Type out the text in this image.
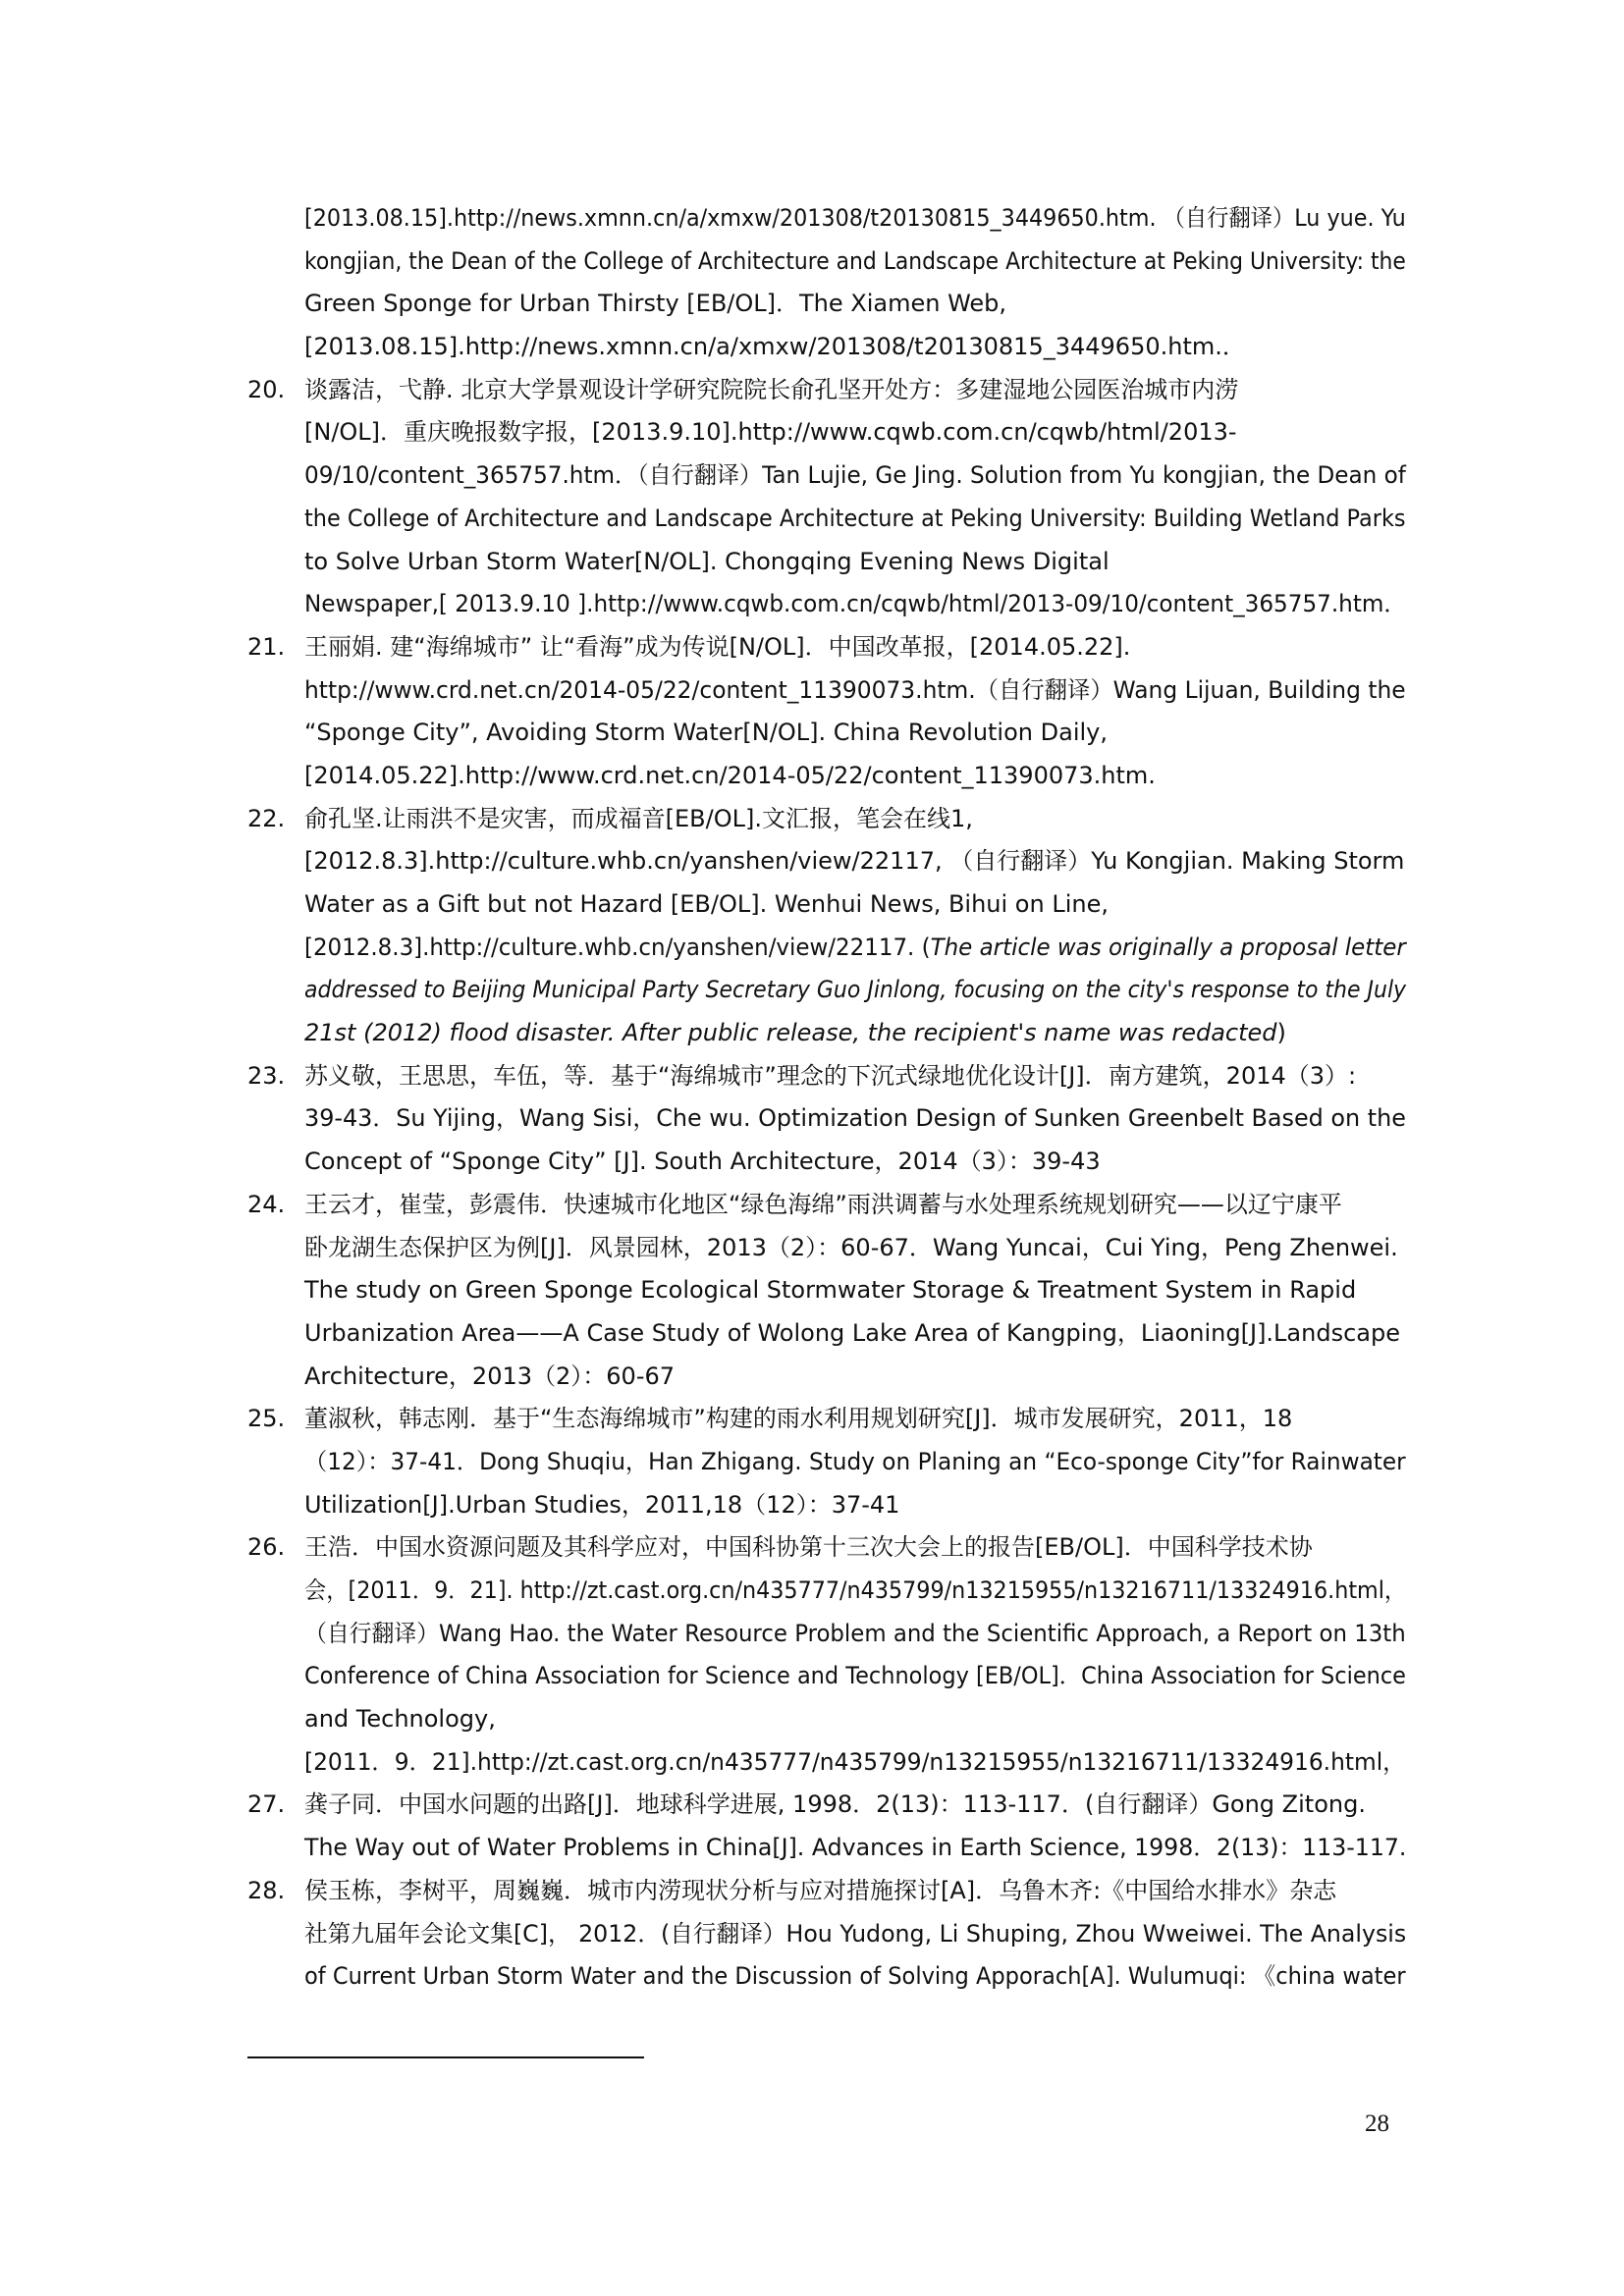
[2013.08.15].http://news.xmnn.cn/a/xmxw/201308/t20130815_3449650.htm. （自行翻译）Lu yue. Yu
kongjian, the Dean of the College of Architecture and Landscape Architecture at Peking University: the
Green Sponge for Urban Thirsty [EB/OL]．The Xiamen Web,
[2013.08.15].http://news.xmnn.cn/a/xmxw/201308/t20130815_3449650.htm.．
20. 谈露洁，弋静. 北京大学景观设计学研究院院长俞孔坚开处方：多建湿地公园医治城市内涝
[N/OL]．重庆晚报数字报，[2013.9.10].http://www.cqwb.com.cn/cqwb/html/2013-
09/10/content_365757.htm．（自行翻译）Tan Lujie, Ge Jing. Solution from Yu kongjian, the Dean of
the College of Architecture and Landscape Architecture at Peking University: Building Wetland Parks
to Solve Urban Storm Water[N/OL]. Chongqing Evening News Digital
Newspaper,[ 2013.9.10 ].http://www.cqwb.com.cn/cqwb/html/2013-09/10/content_365757.htm．
21. 王丽娟. 建“海绵城市” 让“看海”成为传说[N/OL]．中国改革报，[2014.05.22].
http://www.crd.net.cn/2014-05/22/content_11390073.htm.（自行翻译）Wang Lijuan, Building the
“Sponge City”, Avoiding Storm Water[N/OL]. China Revolution Daily,
[2014.05.22].http://www.crd.net.cn/2014-05/22/content_11390073.htm.
22. 俞孔坚.让雨洪不是灾害，而成福音[EB/OL].文汇报，笔会在线1,
[2012.8.3].http://culture.whb.cn/yanshen/view/22117, （自行翻译）Yu Kongjian. Making Storm
Water as a Gift but not Hazard [EB/OL]. Wenhui News, Bihui on Line,
[2012.8.3].http://culture.whb.cn/yanshen/view/22117. (The article was originally a proposal letter
addressed to Beijing Municipal Party Secretary Guo Jinlong, focusing on the city's response to the July
21st (2012) flood disaster. After public release, the recipient's name was redacted)
23. 苏义敬，王思思，车伍，等．基于“海绵城市”理念的下沉式绿地优化设计[J]．南方建筑，2014（3）:
39-43．Su Yijing，Wang Sisi，Che wu. Optimization Design of Sunken Greenbelt Based on the
Concept of “Sponge City” [J]. South Architecture，2014（3）：39-43
24. 王云才，崔莹，彭震伟．快速城市化地区“绿色海绵”雨洪调蓄与水处理系统规划研究——以辽宁康平
卧龙湖生态保护区为例[J]．风景园林，2013（2）：60-67．Wang Yuncai，Cui Ying，Peng Zhenwei.
The study on Green Sponge Ecological Stormwater Storage & Treatment System in Rapid
Urbanization Area——A Case Study of Wolong Lake Area of Kangping，Liaoning[J].Landscape
Architecture，2013（2）：60-67
25. 董淑秋，韩志刚．基于“生态海绵城市”构建的雨水利用规划研究[J]．城市发展研究，2011，18
（12）：37-41．Dong Shuqiu，Han Zhigang. Study on Planing an “Eco-sponge City”for Rainwater
Utilization[J].Urban Studies，2011,18（12）：37-41
26. 王浩．中国水资源问题及其科学应对，中国科协第十三次大会上的报告[EB/OL]．中国科学技术协
会，[2011．9．21]. http://zt.cast.org.cn/n435777/n435799/n13215955/n13216711/13324916.html，
（自行翻译）Wang Hao. the Water Resource Problem and the Scientific Approach, a Report on 13th
Conference of China Association for Science and Technology [EB/OL]．China Association for Science
and Technology,
[2011．9．21].http://zt.cast.org.cn/n435777/n435799/n13215955/n13216711/13324916.html，
27. 龚子同．中国水问题的出路[J]．地球科学进展, 1998．2(13)：113-117．(自行翻译）Gong Zitong.
The Way out of Water Problems in China[J]. Advances in Earth Science, 1998．2(13)：113-117.
28. 侯玉栋，李树平，周巍巍．城市内涝现状分析与应对措施探讨[A]．乌鲁木齐:《中国给水排水》杂志
社第九届年会论文集[C]， 2012．(自行翻译）Hou Yudong, Li Shuping, Zhou Wweiwei. The Analysis
of Current Urban Storm Water and the Discussion of Solving Apporach[A]. Wulumuqi: 《china water
28
